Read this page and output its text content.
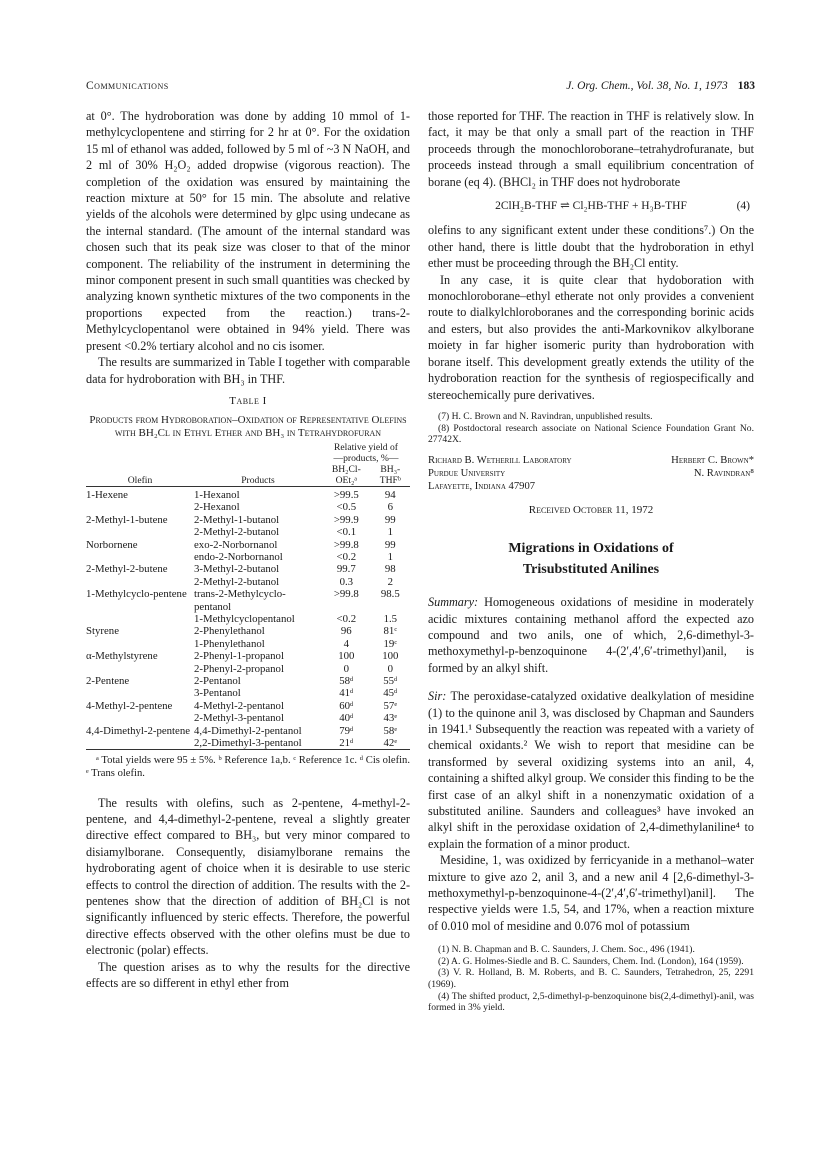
Communications	J. Org. Chem., Vol. 38, No. 1, 1973 183

at 0°. The hydroboration was done by adding 10 mmol of 1-methylcyclopentene and stirring for 2 hr at 0°. For the oxidation 15 ml of ethanol was added, followed by 5 ml of ~3 N NaOH, and 2 ml of 30% H₂O₂ added dropwise (vigorous reaction). The completion of the oxidation was ensured by maintaining the reaction mixture at 50° for 15 min. The absolute and relative yields of the alcohols were determined by glpc using undecane as the internal standard. (The amount of the internal standard was chosen such that its peak size was closer to that of the minor component. The reliability of the instrument in determining the minor component present in such small quantities was checked by analyzing known synthetic mixtures of the two components in the proportions expected from the reaction.) trans-2-Methylcyclopentanol were obtained in 94% yield. There was present <0.2% tertiary alcohol and no cis isomer.

The results are summarized in Table I together with comparable data for hydroboration with BH₃ in THF.

Table I
Products from Hydroboration–Oxidation of Representative Olefins with BH₂Cl in Ethyl Ether and BH₃ in Tetrahydrofuran
		Relative yield of	
		—products, %—	
Olefin	Products	BH₂Cl-OEt₂ᵃ	BH₃-THFᵇ

1-Hexene	1-Hexanol	>99.5	94
	2-Hexanol	<0.5	6
2-Methyl-1-butene	2-Methyl-1-butanol	>99.9	99
	2-Methyl-2-butanol	<0.1	1
Norbornene	exo-2-Norbornanol	>99.8	99
	endo-2-Norbornanol	<0.2	1
2-Methyl-2-butene	3-Methyl-2-butanol	99.7	98
	2-Methyl-2-butanol	0.3	2
1-Methylcyclo-pentene	trans-2-Methylcyclo-pentanol	>99.8	98.5
	1-Methylcyclopentanol	<0.2	1.5
Styrene	2-Phenylethanol	96	81ᶜ
	1-Phenylethanol	4	19ᶜ
α-Methylstyrene	2-Phenyl-1-propanol	100	100
	2-Phenyl-2-propanol	0	0
2-Pentene	2-Pentanol	58ᵈ	55ᵈ
	3-Pentanol	41ᵈ	45ᵈ
4-Methyl-2-pentene	4-Methyl-2-pentanol	60ᵈ	57ᵉ
	2-Methyl-3-pentanol	40ᵈ	43ᵉ
4,4-Dimethyl-2-pentene	4,4-Dimethyl-2-pentanol	79ᵈ	58ᵉ
	2,2-Dimethyl-3-pentanol	21ᵈ	42ᵉ

ᵃ Total yields were 95 ± 5%. ᵇ Reference 1a,b. ᶜ Reference 1c. ᵈ Cis olefin. ᵉ Trans olefin.

The results with olefins, such as 2-pentene, 4-methyl-2-pentene, and 4,4-dimethyl-2-pentene, reveal a slightly greater directive effect compared to BH₃, but very minor compared to disiamylborane. Consequently, disiamylborane remains the hydroborating agent of choice when it is desirable to use steric effects to control the direction of addition. The results with the 2-pentenes show that the direction of addition of BH₂Cl is not significantly influenced by steric effects. Therefore, the powerful directive effects observed with the other olefins must be due to electronic (polar) effects.

The question arises as to why the results for the directive effects are so different in ethyl ether from

those reported for THF. The reaction in THF is relatively slow. In fact, it may be that only a small part of the reaction in THF proceeds through the monochloroborane–tetrahydrofuranate, but proceeds instead through a small equilibrium concentration of borane (eq 4). (BHCl₂ in THF does not hydroborate

2ClH₂B-THF ⇌ Cl₂HB-THF + H₃B-THF	(4)

olefins to any significant extent under these conditions⁷.) On the other hand, there is little doubt that the hydroboration in ethyl ether must be proceeding through the BH₂Cl entity.

In any case, it is quite clear that hydoboration with monochloroborane–ethyl etherate not only provides a convenient route to dialkylchloroboranes and the corresponding borinic acids and esters, but also provides the anti-Markovnikov alkylborane moiety in far higher isomeric purity than hydroboration with borane itself. This development greatly extends the utility of the hydroboration reaction for the synthesis of regiospecifically and stereochemically pure derivatives.

(7) H. C. Brown and N. Ravindran, unpublished results.

(8) Postdoctoral research associate on National Science Foundation Grant No. 27742X.

Richard B. Wetherill Laboratory
Purdue University
Lafayette, Indiana 47907
Herbert C. Brown*
N. Ravindran⁸
Received October 11, 1972
Migrations in Oxidations of
Trisubstituted Anilines

Summary: Homogeneous oxidations of mesidine in moderately acidic mixtures containing methanol afford the expected azo compound and two anils, one of which, 2,6-dimethyl-3-methoxymethyl-p-benzoquinone 4-(2′,4′,6′-trimethyl)anil, is formed by an alkyl shift.

Sir: The peroxidase-catalyzed oxidative dealkylation of mesidine (1) to the quinone anil 3, was disclosed by Chapman and Saunders in 1941.¹ Subsequently the reaction was repeated with a variety of chemical oxidants.² We wish to report that mesidine can be transformed by several oxidizing systems into an anil, 4, containing a shifted alkyl group. We consider this finding to be the first case of an alkyl shift in a nonenzymatic oxidation of a substituted aniline. Saunders and colleagues³ have invoked an alkyl shift in the peroxidase oxidation of 2,4-dimethylaniline⁴ to explain the formation of a minor product.

Mesidine, 1, was oxidized by ferricyanide in a methanol–water mixture to give azo 2, anil 3, and a new anil 4 [2,6-dimethyl-3-methoxymethyl-p-benzoquinone-4-(2′,4′,6′-trimethyl)anil]. The respective yields were 1.5, 54, and 17%, when a reaction mixture of 0.010 mol of mesidine and 0.076 mol of potassium

(1) N. B. Chapman and B. C. Saunders, J. Chem. Soc., 496 (1941).

(2) A. G. Holmes-Siedle and B. C. Saunders, Chem. Ind. (London), 164 (1959).

(3) V. R. Holland, B. M. Roberts, and B. C. Saunders, Tetrahedron, 25, 2291 (1969).

(4) The shifted product, 2,5-dimethyl-p-benzoquinone bis(2,4-dimethyl)-anil, was formed in 3% yield.
